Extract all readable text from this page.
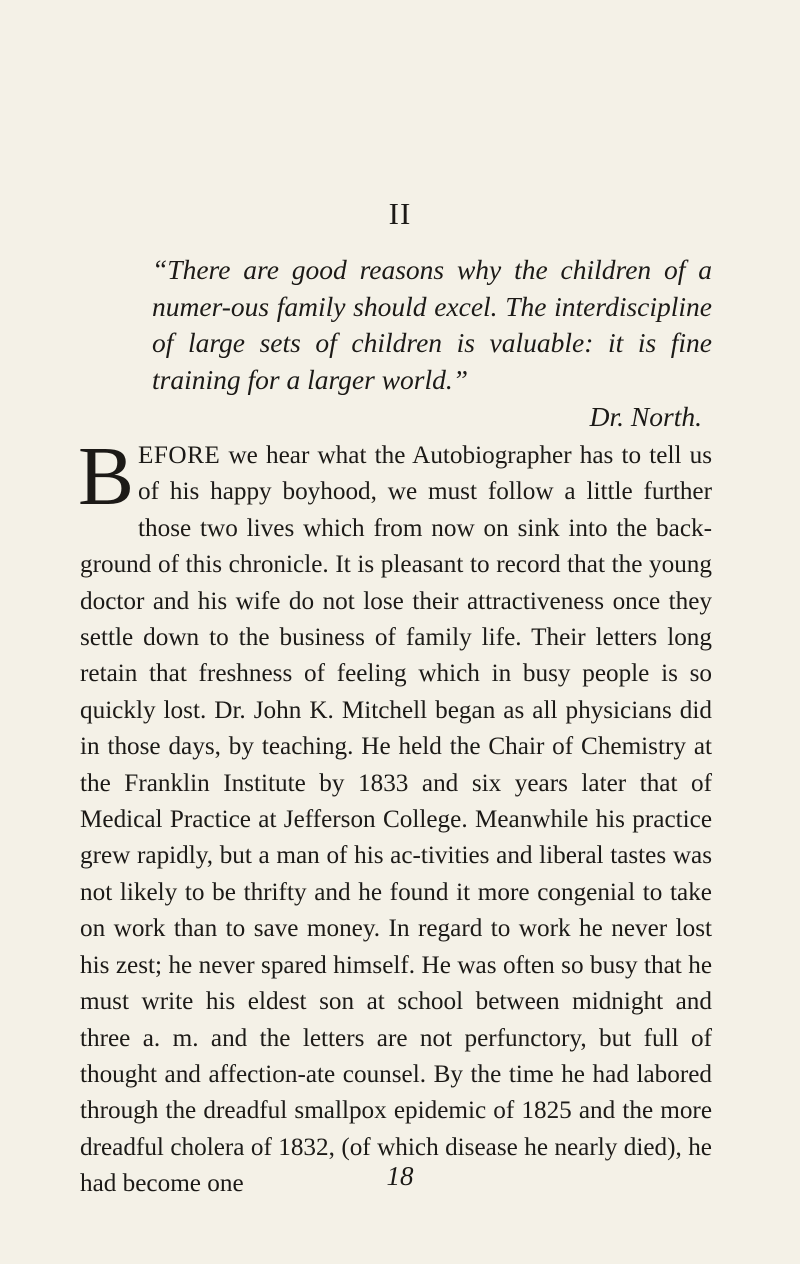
II
“There are good reasons why the children of a numer-ous family should excel. The interdiscipline of large sets of children is valuable: it is fine training for a larger world.”
Dr. North.
BEFORE we hear what the Autobiographer has to tell us of his happy boyhood, we must follow a little further those two lives which from now on sink into the back-ground of this chronicle. It is pleasant to record that the young doctor and his wife do not lose their attractiveness once they settle down to the business of family life. Their letters long retain that freshness of feeling which in busy people is so quickly lost. Dr. John K. Mitchell began as all physicians did in those days, by teaching. He held the Chair of Chemistry at the Franklin Institute by 1833 and six years later that of Medical Practice at Jefferson College. Meanwhile his practice grew rapidly, but a man of his ac-tivities and liberal tastes was not likely to be thrifty and he found it more congenial to take on work than to save money. In regard to work he never lost his zest; he never spared himself. He was often so busy that he must write his eldest son at school between midnight and three a. m. and the letters are not perfunctory, but full of thought and affection-ate counsel. By the time he had labored through the dreadful smallpox epidemic of 1825 and the more dreadful cholera of 1832, (of which disease he nearly died), he had become one	18
